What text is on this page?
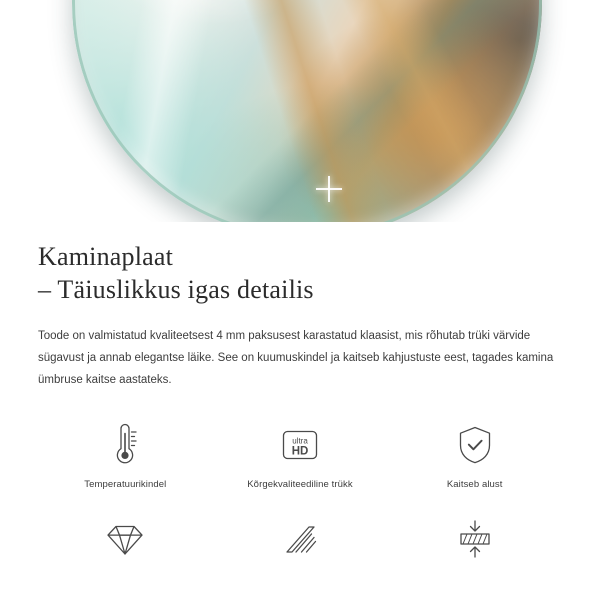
Kaminaplaat
– Täiuslikkus igas detailis

Toode on valmistatud kvaliteetsest 4 mm paksusest karastatud klaasist, mis rõhutab trüki värvide sügavust ja annab elegantse läike. See on kuumuskindel ja kaitseb kahjustuste eest, tagades kamina ümbruse kaitse aastateks.

Temperatuurikindel
ultra
HD
Kõrgekvaliteediline trükk	Kaitseb alust
